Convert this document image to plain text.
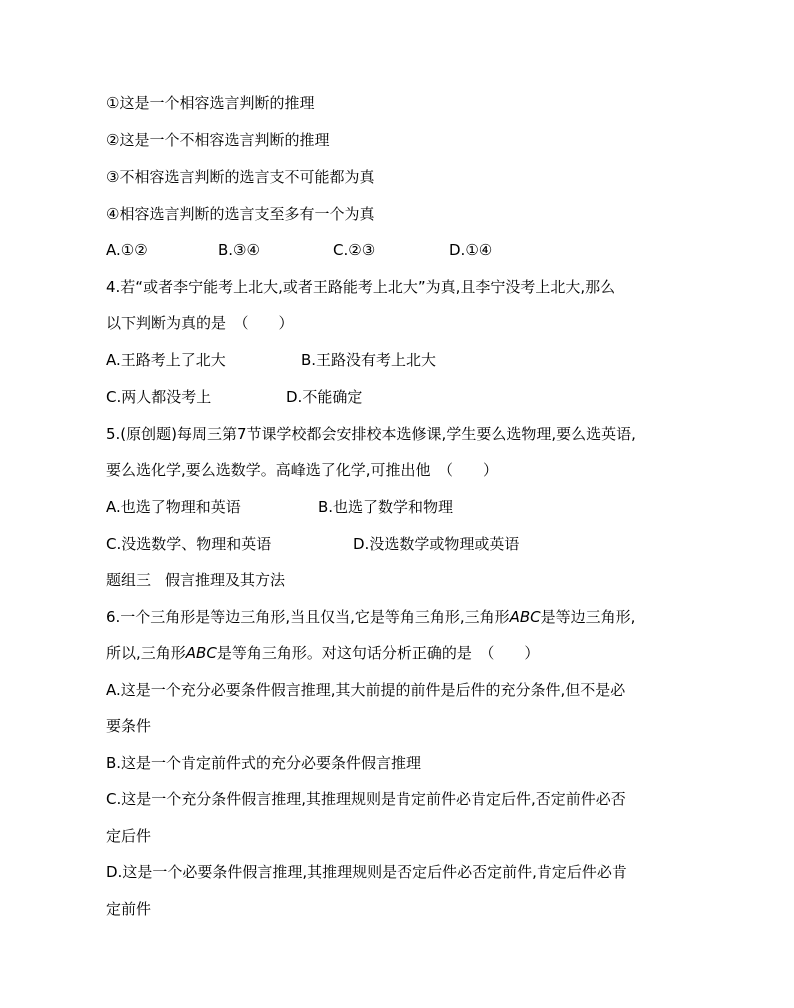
①这是一个相容选言判断的推理
②这是一个不相容选言判断的推理
③不相容选言判断的选言支不可能都为真
④相容选言判断的选言支至多有一个为真
A.①②	B.③④	C.②③	D.①④
4.若“或者李宁能考上北大,或者王路能考上北大”为真,且李宁没考上北大,那么
以下判断为真的是　（　　）
A.王路考上了北大	B.王路没有考上北大
C.两人都没考上	D.不能确定
5.(原创题)每周三第7节课学校都会安排校本选修课,学生要么选物理,要么选英语,
要么选化学,要么选数学。高峰选了化学,可推出他　（　　）
A.也选了物理和英语	B.也选了数学和物理
C.没选数学、物理和英语	D.没选数学或物理或英语
题组三 假言推理及其方法
6.一个三角形是等边三角形,当且仅当,它是等角三角形,三角形ABC是等边三角形,
所以,三角形ABC是等角三角形。对这句话分析正确的是　（　　）
A.这是一个充分必要条件假言推理,其大前提的前件是后件的充分条件,但不是必
要条件
B.这是一个肯定前件式的充分必要条件假言推理
C.这是一个充分条件假言推理,其推理规则是肯定前件必肯定后件,否定前件必否
定后件
D.这是一个必要条件假言推理,其推理规则是否定后件必否定前件,肯定后件必肯
定前件
